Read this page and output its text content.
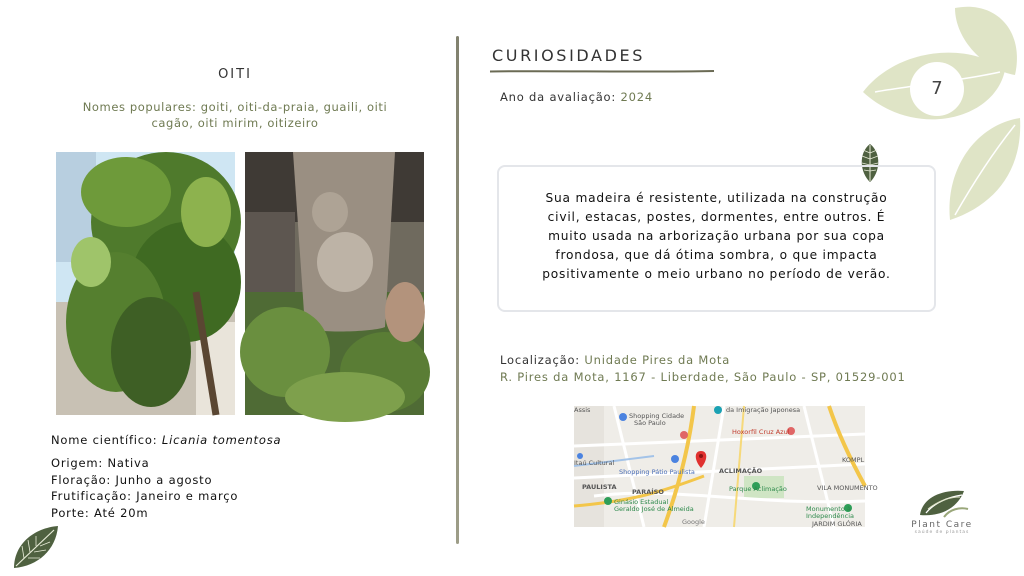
7
OITI
Nomes populares: goiti, oiti-da-praia, guaili, oiti
cagão, oiti mirim, oitizeiro
Nome científico: Licania tomentosa
Origem: Nativa
Floração: Junho a agosto
Frutificação: Janeiro e março
Porte: Até 20m
CURIOSIDADES
Ano da avaliação: 2024
Sua madeira é resistente, utilizada na construção
civil, estacas, postes, dormentes, entre outros. É
muito usada na arborização urbana por sua copa
frondosa, que dá ótima sombra, o que impacta
positivamente o meio urbano no período de verão.
Localização: Unidade Pires da Mota
R. Pires da Mota, 1167 - Liberdade, São Paulo - SP, 01529-001
Assis
Shopping Cidade
São Paulo
da Imigração Japonesa
Hoxorfil Cruz Azul
Itaú Cultural
Shopping Pátio Paulista	ACLIMAÇÃO
PAULISTA
PARAÍSO	Parque Aclimação
Ginásio Estadual
Geraldo José de Almeida	Monumento à
Independência
Google
VILA MONUMENTO
JARDIM GLÓRIA
KOMPL
Plant Care
saúde de plantas
